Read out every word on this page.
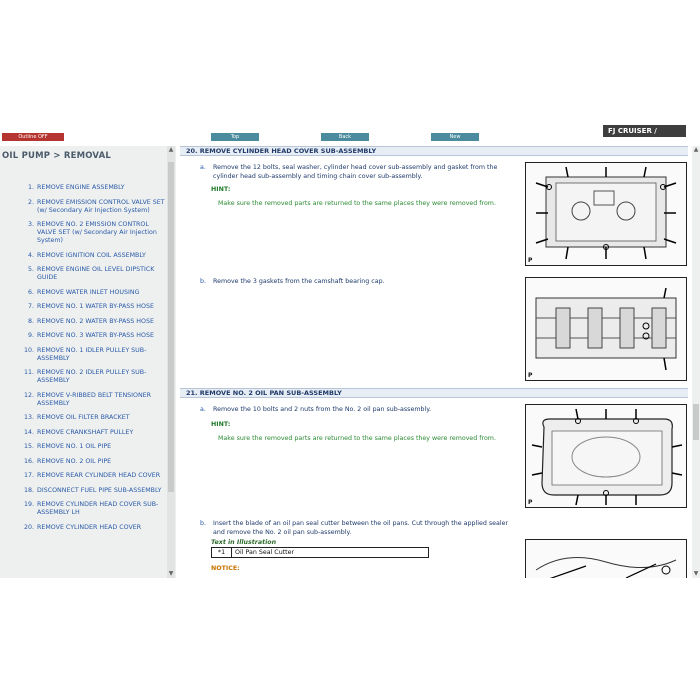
Outline OFF	Top	Back	New
FJ CRUISER /
OIL PUMP > REMOVAL
1. REMOVE ENGINE ASSEMBLY
2. REMOVE EMISSION CONTROL VALVE SET (w/ Secondary Air Injection System)
3. REMOVE NO. 2 EMISSION CONTROL VALVE SET (w/ Secondary Air Injection System)
4. REMOVE IGNITION COIL ASSEMBLY
5. REMOVE ENGINE OIL LEVEL DIPSTICK GUIDE
6. REMOVE WATER INLET HOUSING
7. REMOVE NO. 1 WATER BY-PASS HOSE
8. REMOVE NO. 2 WATER BY-PASS HOSE
9. REMOVE NO. 3 WATER BY-PASS HOSE
10. REMOVE NO. 1 IDLER PULLEY SUB-ASSEMBLY
11. REMOVE NO. 2 IDLER PULLEY SUB-ASSEMBLY
12. REMOVE V-RIBBED BELT TENSIONER ASSEMBLY
13. REMOVE OIL FILTER BRACKET
14. REMOVE CRANKSHAFT PULLEY
15. REMOVE NO. 1 OIL PIPE
16. REMOVE NO. 2 OIL PIPE
17. REMOVE REAR CYLINDER HEAD COVER
18. DISCONNECT FUEL PIPE SUB-ASSEMBLY
19. REMOVE CYLINDER HEAD COVER SUB-ASSEMBLY LH
20. REMOVE CYLINDER HEAD COVER
▲
▼
20. REMOVE CYLINDER HEAD COVER SUB-ASSEMBLY
a. Remove the 12 bolts, seal washer, cylinder head cover sub-assembly and gasket from the cylinder head sub-assembly and timing chain cover sub-assembly.
HINT:
Make sure the removed parts are returned to the same places they were removed from.
P
b. Remove the 3 gaskets from the camshaft bearing cap.
P
21. REMOVE NO. 2 OIL PAN SUB-ASSEMBLY
a. Remove the 10 bolts and 2 nuts from the No. 2 oil pan sub-assembly.
HINT:
Make sure the removed parts are returned to the same places they were removed from.
P
b. Insert the blade of an oil pan seal cutter between the oil pans. Cut through the applied sealer and remove the No. 2 oil pan sub-assembly.
Text in Illustration
*1	Oil Pan Seal Cutter
NOTICE:
▲
▼
